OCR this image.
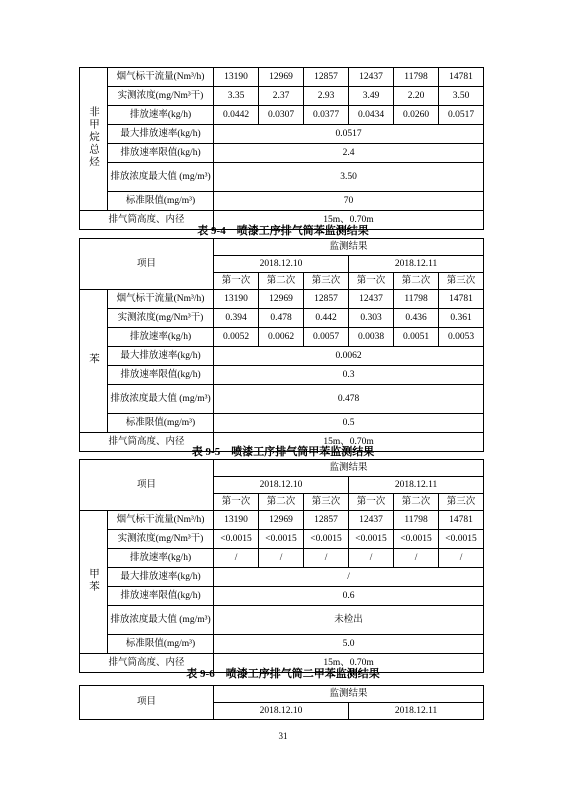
非甲烷总烃	烟气标干流量(Nm³/h)	13190	12969	12857	12437	11798	14781
	实测浓度(mg/Nm³干)	3.35	2.37	2.93	3.49	2.20	3.50
	排放速率(kg/h)	0.0442	0.0307	0.0377	0.0434	0.0260	0.0517
	最大排放速率(kg/h)	0.0517					
	排放速率限值(kg/h)	2.4					
	排放浓度最大值 (mg/m³)	3.50					
	标准限值(mg/m³)	70					
排气筒高度、内径		15m、0.70m					
表 9-4　喷漆工序排气筒苯监测结果
项目		监测结果					
		2018.12.10			2018.12.11		
		第一次	第二次	第三次	第一次	第二次	第三次
苯	烟气标干流量(Nm³/h)	13190	12969	12857	12437	11798	14781
	实测浓度(mg/Nm³干)	0.394	0.478	0.442	0.303	0.436	0.361
	排放速率(kg/h)	0.0052	0.0062	0.0057	0.0038	0.0051	0.0053
	最大排放速率(kg/h)	0.0062					
	排放速率限值(kg/h)	0.3					
	排放浓度最大值 (mg/m³)	0.478					
	标准限值(mg/m³)	0.5					
排气筒高度、内径		15m、0.70m					
表 9-5　喷漆工序排气筒甲苯监测结果
项目		监测结果					
		2018.12.10			2018.12.11		
		第一次	第二次	第三次	第一次	第二次	第三次
甲苯	烟气标干流量(Nm³/h)	13190	12969	12857	12437	11798	14781
	实测浓度(mg/Nm³干)	<0.0015	<0.0015	<0.0015	<0.0015	<0.0015	<0.0015
	排放速率(kg/h)	/	/	/	/	/	/
	最大排放速率(kg/h)	/					
	排放速率限值(kg/h)	0.6					
	排放浓度最大值 (mg/m³)	未检出					
	标准限值(mg/m³)	5.0					
排气筒高度、内径		15m、0.70m					
表 9-6　喷漆工序排气筒二甲苯监测结果
项目	监测结果	
	2018.12.10	2018.12.11
31
